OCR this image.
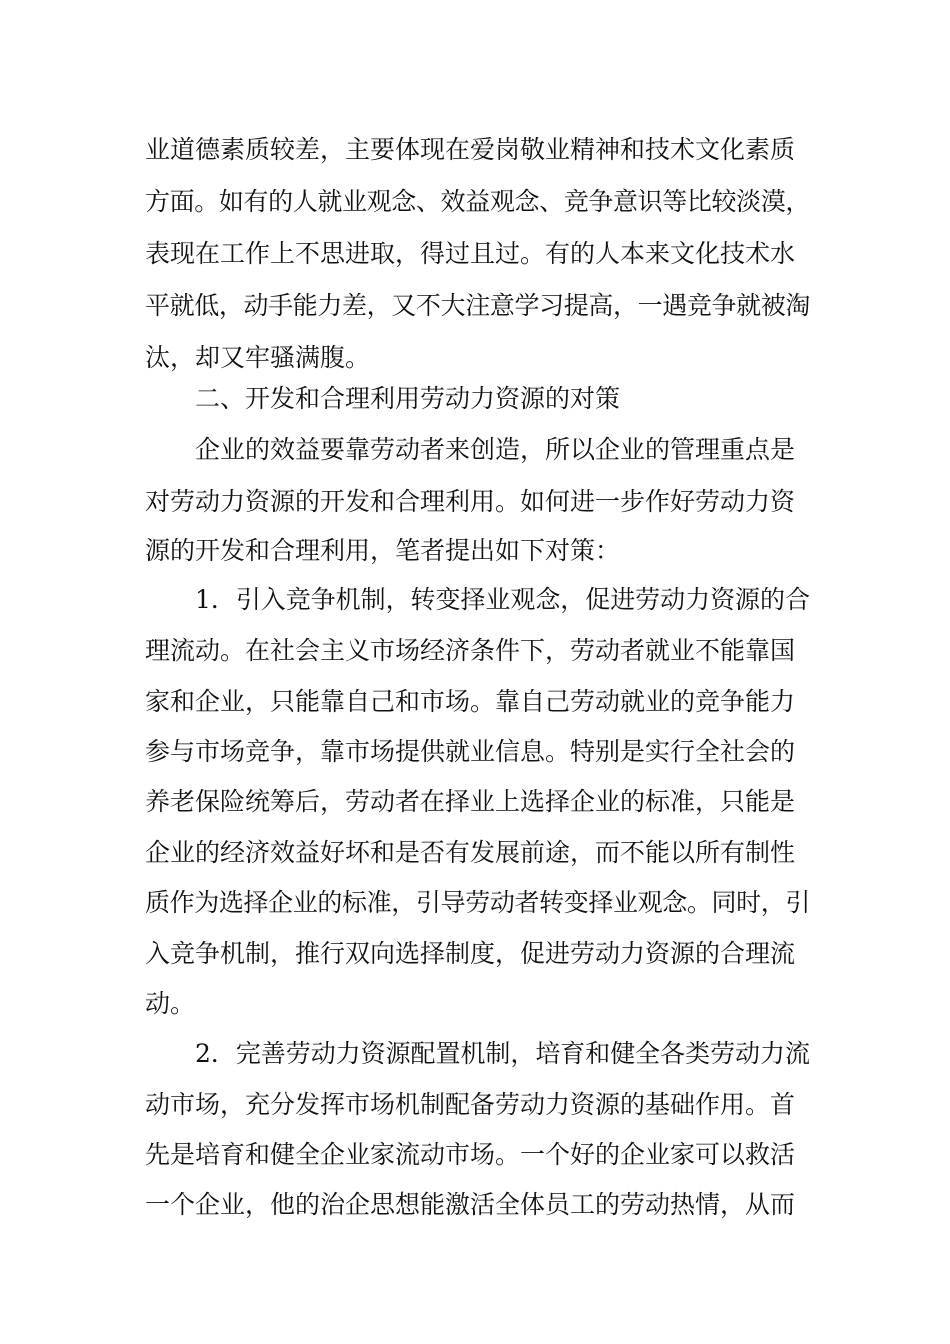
业道德素质较差，主要体现在爱岗敬业精神和技术文化素质
方面。如有的人就业观念、效益观念、竞争意识等比较淡漠，
表现在工作上不思进取，得过且过。有的人本来文化技术水
平就低，动手能力差，又不大注意学习提高，一遇竞争就被淘
汰，却又牢骚满腹。
二、开发和合理利用劳动力资源的对策
企业的效益要靠劳动者来创造，所以企业的管理重点是
对劳动力资源的开发和合理利用。如何进一步作好劳动力资
源的开发和合理利用，笔者提出如下对策：
1．引入竞争机制，转变择业观念，促进劳动力资源的合
理流动。在社会主义市场经济条件下，劳动者就业不能靠国
家和企业，只能靠自己和市场。靠自己劳动就业的竞争能力
参与市场竞争，靠市场提供就业信息。特别是实行全社会的
养老保险统筹后，劳动者在择业上选择企业的标准，只能是
企业的经济效益好坏和是否有发展前途，而不能以所有制性
质作为选择企业的标准，引导劳动者转变择业观念。同时，引
入竞争机制，推行双向选择制度，促进劳动力资源的合理流
动。
2．完善劳动力资源配置机制，培育和健全各类劳动力流
动市场，充分发挥市场机制配备劳动力资源的基础作用。首
先是培育和健全企业家流动市场。一个好的企业家可以救活
一个企业，他的治企思想能激活全体员工的劳动热情，从而
